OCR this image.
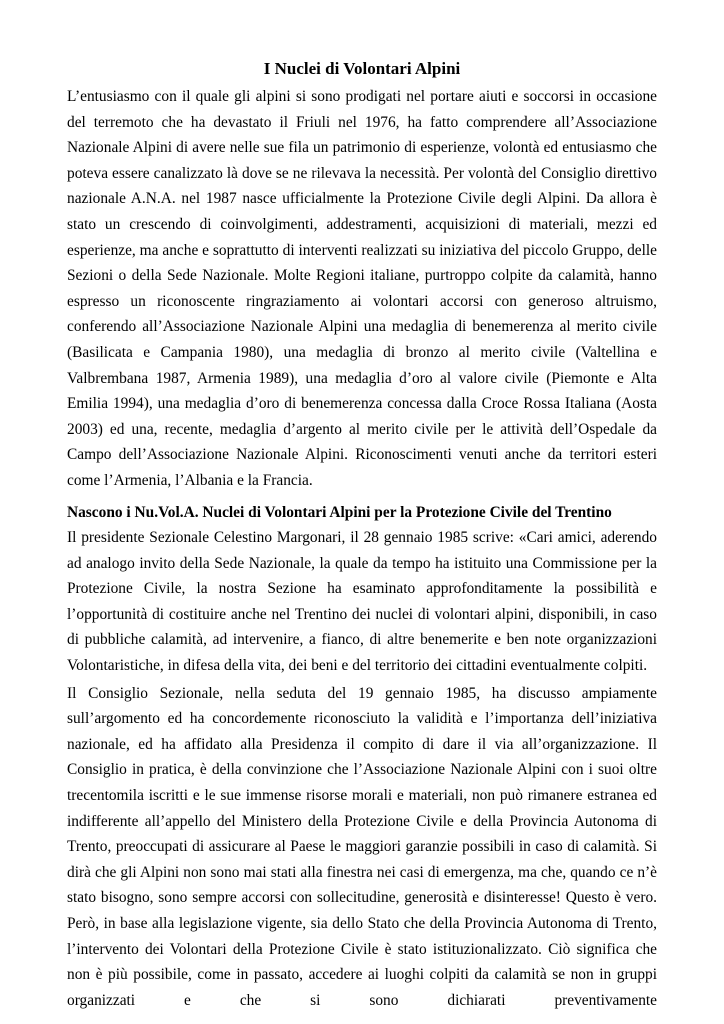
I Nuclei di Volontari Alpini

L’entusiasmo con il quale gli alpini si sono prodigati nel portare aiuti e soccorsi in occasione del terremoto che ha devastato il Friuli nel 1976, ha fatto comprendere all’Associazione Nazionale Alpini di avere nelle sue fila un patrimonio di esperienze, volontà ed entusiasmo che poteva essere canalizzato là dove se ne rilevava la necessità. Per volontà del Consiglio direttivo nazionale A.N.A. nel 1987 nasce ufficialmente la Protezione Civile degli Alpini. Da allora è stato un crescendo di coinvolgimenti, addestramenti, acquisizioni di materiali, mezzi ed esperienze, ma anche e soprattutto di interventi realizzati su iniziativa del piccolo Gruppo, delle Sezioni o della Sede Nazionale. Molte Regioni italiane, purtroppo colpite da calamità, hanno espresso un riconoscente ringraziamento ai volontari accorsi con generoso altruismo, conferendo all’Associazione Nazionale Alpini una medaglia di benemerenza al merito civile (Basilicata e Campania 1980), una medaglia di bronzo al merito civile (Valtellina e Valbrembana 1987, Armenia 1989), una medaglia d’oro al valore civile (Piemonte e Alta Emilia 1994), una medaglia d’oro di benemerenza concessa dalla Croce Rossa Italiana (Aosta 2003) ed una, recente, medaglia d’argento al merito civile per le attività dell’Ospedale da Campo dell’Associazione Nazionale Alpini. Riconoscimenti venuti anche da territori esteri come l’Armenia, l’Albania e la Francia.

Nascono i Nu.Vol.A. Nuclei di Volontari Alpini per la Protezione Civile del Trentino

Il presidente Sezionale Celestino Margonari, il 28 gennaio 1985 scrive: «Cari amici, aderendo ad analogo invito della Sede Nazionale, la quale da tempo ha istituito una Commissione per la Protezione Civile, la nostra Sezione ha esaminato approfonditamente la possibilità e l’opportunità di costituire anche nel Trentino dei nuclei di volontari alpini, disponibili, in caso di pubbliche calamità, ad intervenire, a fianco, di altre benemerite e ben note organizzazioni Volontaristiche, in difesa della vita, dei beni e del territorio dei cittadini eventualmente colpiti.

Il Consiglio Sezionale, nella seduta del 19 gennaio 1985, ha discusso ampiamente sull’argomento ed ha concordemente riconosciuto la validità e l’importanza dell’iniziativa nazionale, ed ha affidato alla Presidenza il compito di dare il via all’organizzazione. Il Consiglio in pratica, è della convinzione che l’Associazione Nazionale Alpini con i suoi oltre trecentomila iscritti e le sue immense risorse morali e materiali, non può rimanere estranea ed indifferente all’appello del Ministero della Protezione Civile e della Provincia Autonoma di Trento, preoccupati di assicurare al Paese le maggiori garanzie possibili in caso di calamità. Si dirà che gli Alpini non sono mai stati alla finestra nei casi di emergenza, ma che, quando ce n’è stato bisogno, sono sempre accorsi con sollecitudine, generosità e disinteresse! Questo è vero. Però, in base alla legislazione vigente, sia dello Stato che della Provincia Autonoma di Trento, l’intervento dei Volontari della Protezione Civile è stato istituzionalizzato. Ciò significa che non è più possibile, come in passato, accedere ai luoghi colpiti da calamità se non in gruppi organizzati e che si sono dichiarati preventivamente
